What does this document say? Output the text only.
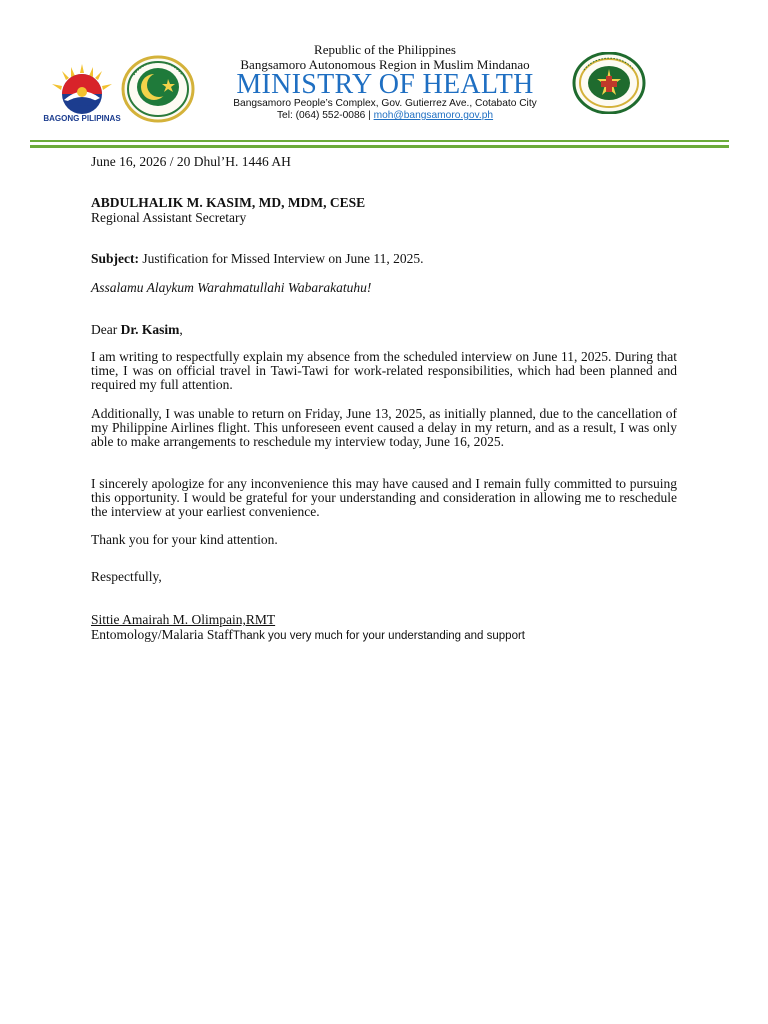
BAGONG PILIPINAS
Republic of the Philippines
Bangsamoro Autonomous Region in Muslim Mindanao
MINISTRY OF HEALTH
Bangsamoro People’s Complex, Gov. Gutierrez Ave., Cotabato City
Tel: (064) 552-0086 | moh@bangsamoro.gov.ph
June 16, 2026 / 20 Dhul’H. 1446 AH
ABDULHALIK M. KASIM, MD, MDM, CESE
Regional Assistant Secretary
Subject: Justification for Missed Interview on June 11, 2025.
Assalamu Alaykum Warahmatullahi Wabarakatuhu!
Dear Dr. Kasim,
I am writing to respectfully explain my absence from the scheduled interview on June 11, 2025. During that time, I was on official travel in Tawi-Tawi for work-related responsibilities, which had been planned and required my full attention.
Additionally, I was unable to return on Friday, June 13, 2025, as initially planned, due to the cancellation of my Philippine Airlines flight. This unforeseen event caused a delay in my return, and as a result, I was only able to make arrangements to reschedule my interview today, June 16, 2025.
I sincerely apologize for any inconvenience this may have caused and I remain fully committed to pursuing this opportunity. I would be grateful for your understanding and consideration in allowing me to reschedule the interview at your earliest convenience.
Thank you for your kind attention.
Respectfully,
Sittie Amairah M. Olimpain,RMT
Entomology/Malaria StaffThank you very much for your understanding and support
